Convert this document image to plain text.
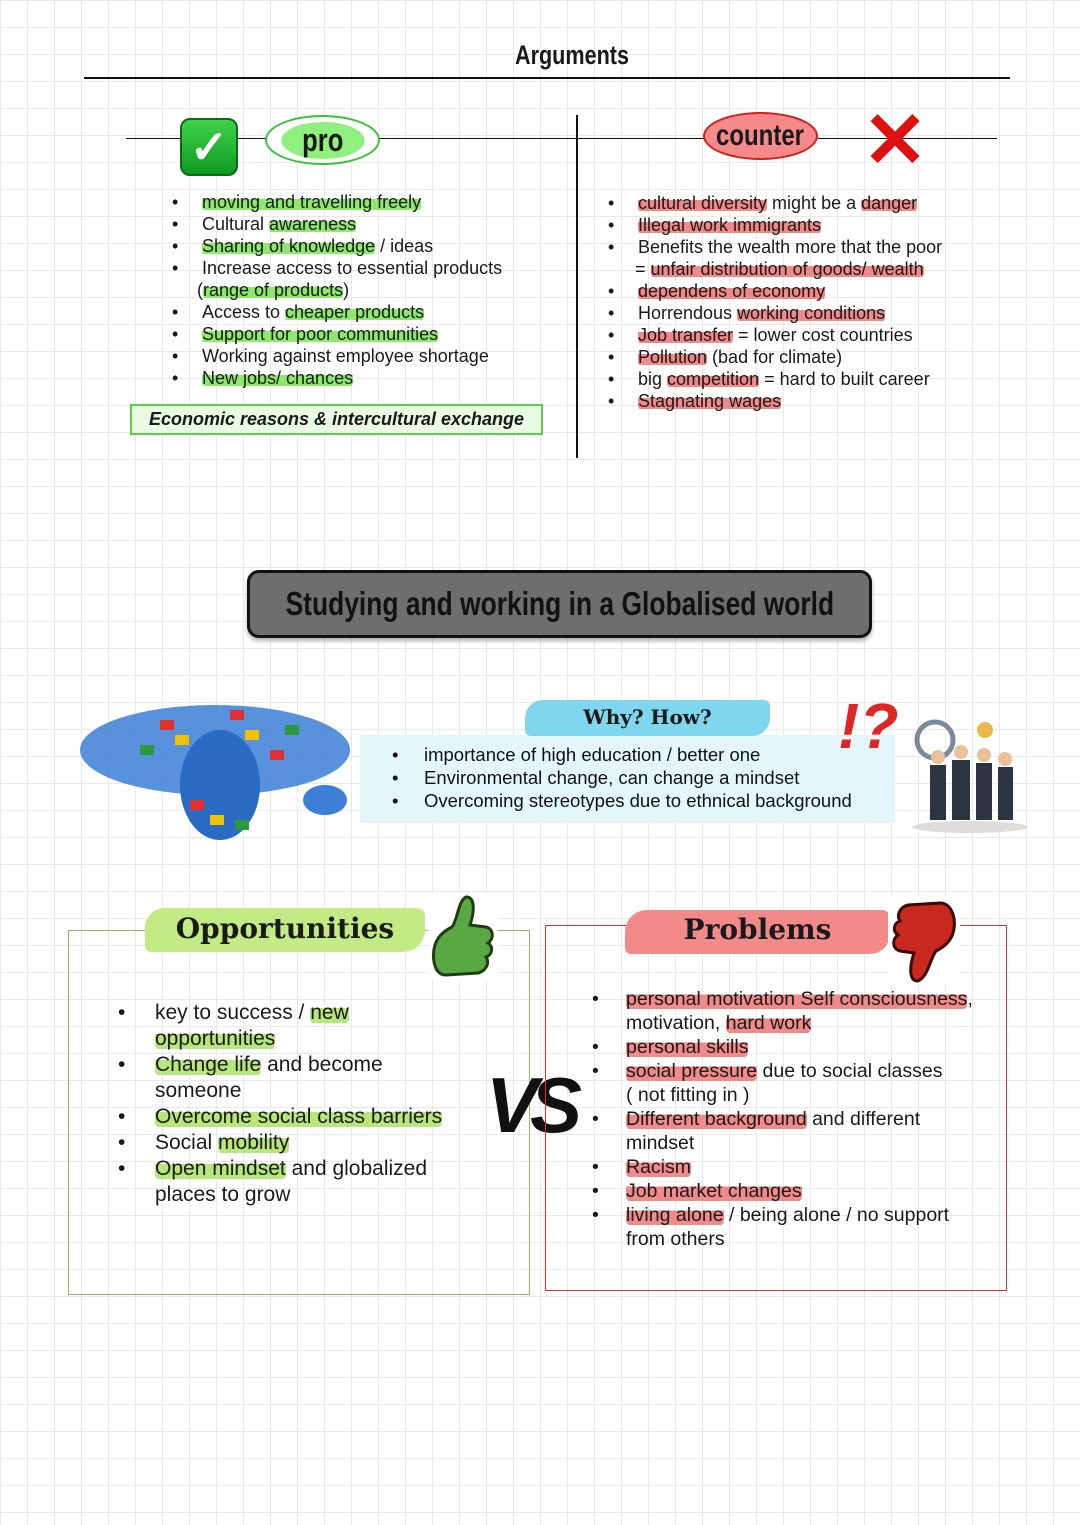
Arguments
✓	pro	counter ✕
• moving and travelling freely
• Cultural awareness
• Sharing of knowledge / ideas
• Increase access to essential products
(range of products)
• Access to cheaper products
• Support for poor communities
• Working against employee shortage
• New jobs/ chances
Economic reasons & intercultural exchange
• cultural diversity might be a danger
• Illegal work immigrants
• Benefits the wealth more that the poor
= unfair distribution of goods/ wealth
• dependens of economy
• Horrendous working conditions
• Job transfer = lower cost countries
• Pollution (bad for climate)
• big competition = hard to built career
• Stagnating wages
Studying and working in a Globalised world
Why? How?	!?
• importance of high education / better one
• Environmental change, can change a mindset
• Overcoming stereotypes due to ethnical background
Opportunities
• key to success / new
opportunities
• Change life and become
someone
• Overcome social class barriers
• Social mobility
• Open mindset and globalized
places to grow
VS
Problems
• personal motivation Self consciousness,
motivation, hard work
• personal skills
• social pressure due to social classes
( not fitting in )
• Different background and different
mindset
• Racism
• Job market changes
• living alone / being alone / no support
from others
